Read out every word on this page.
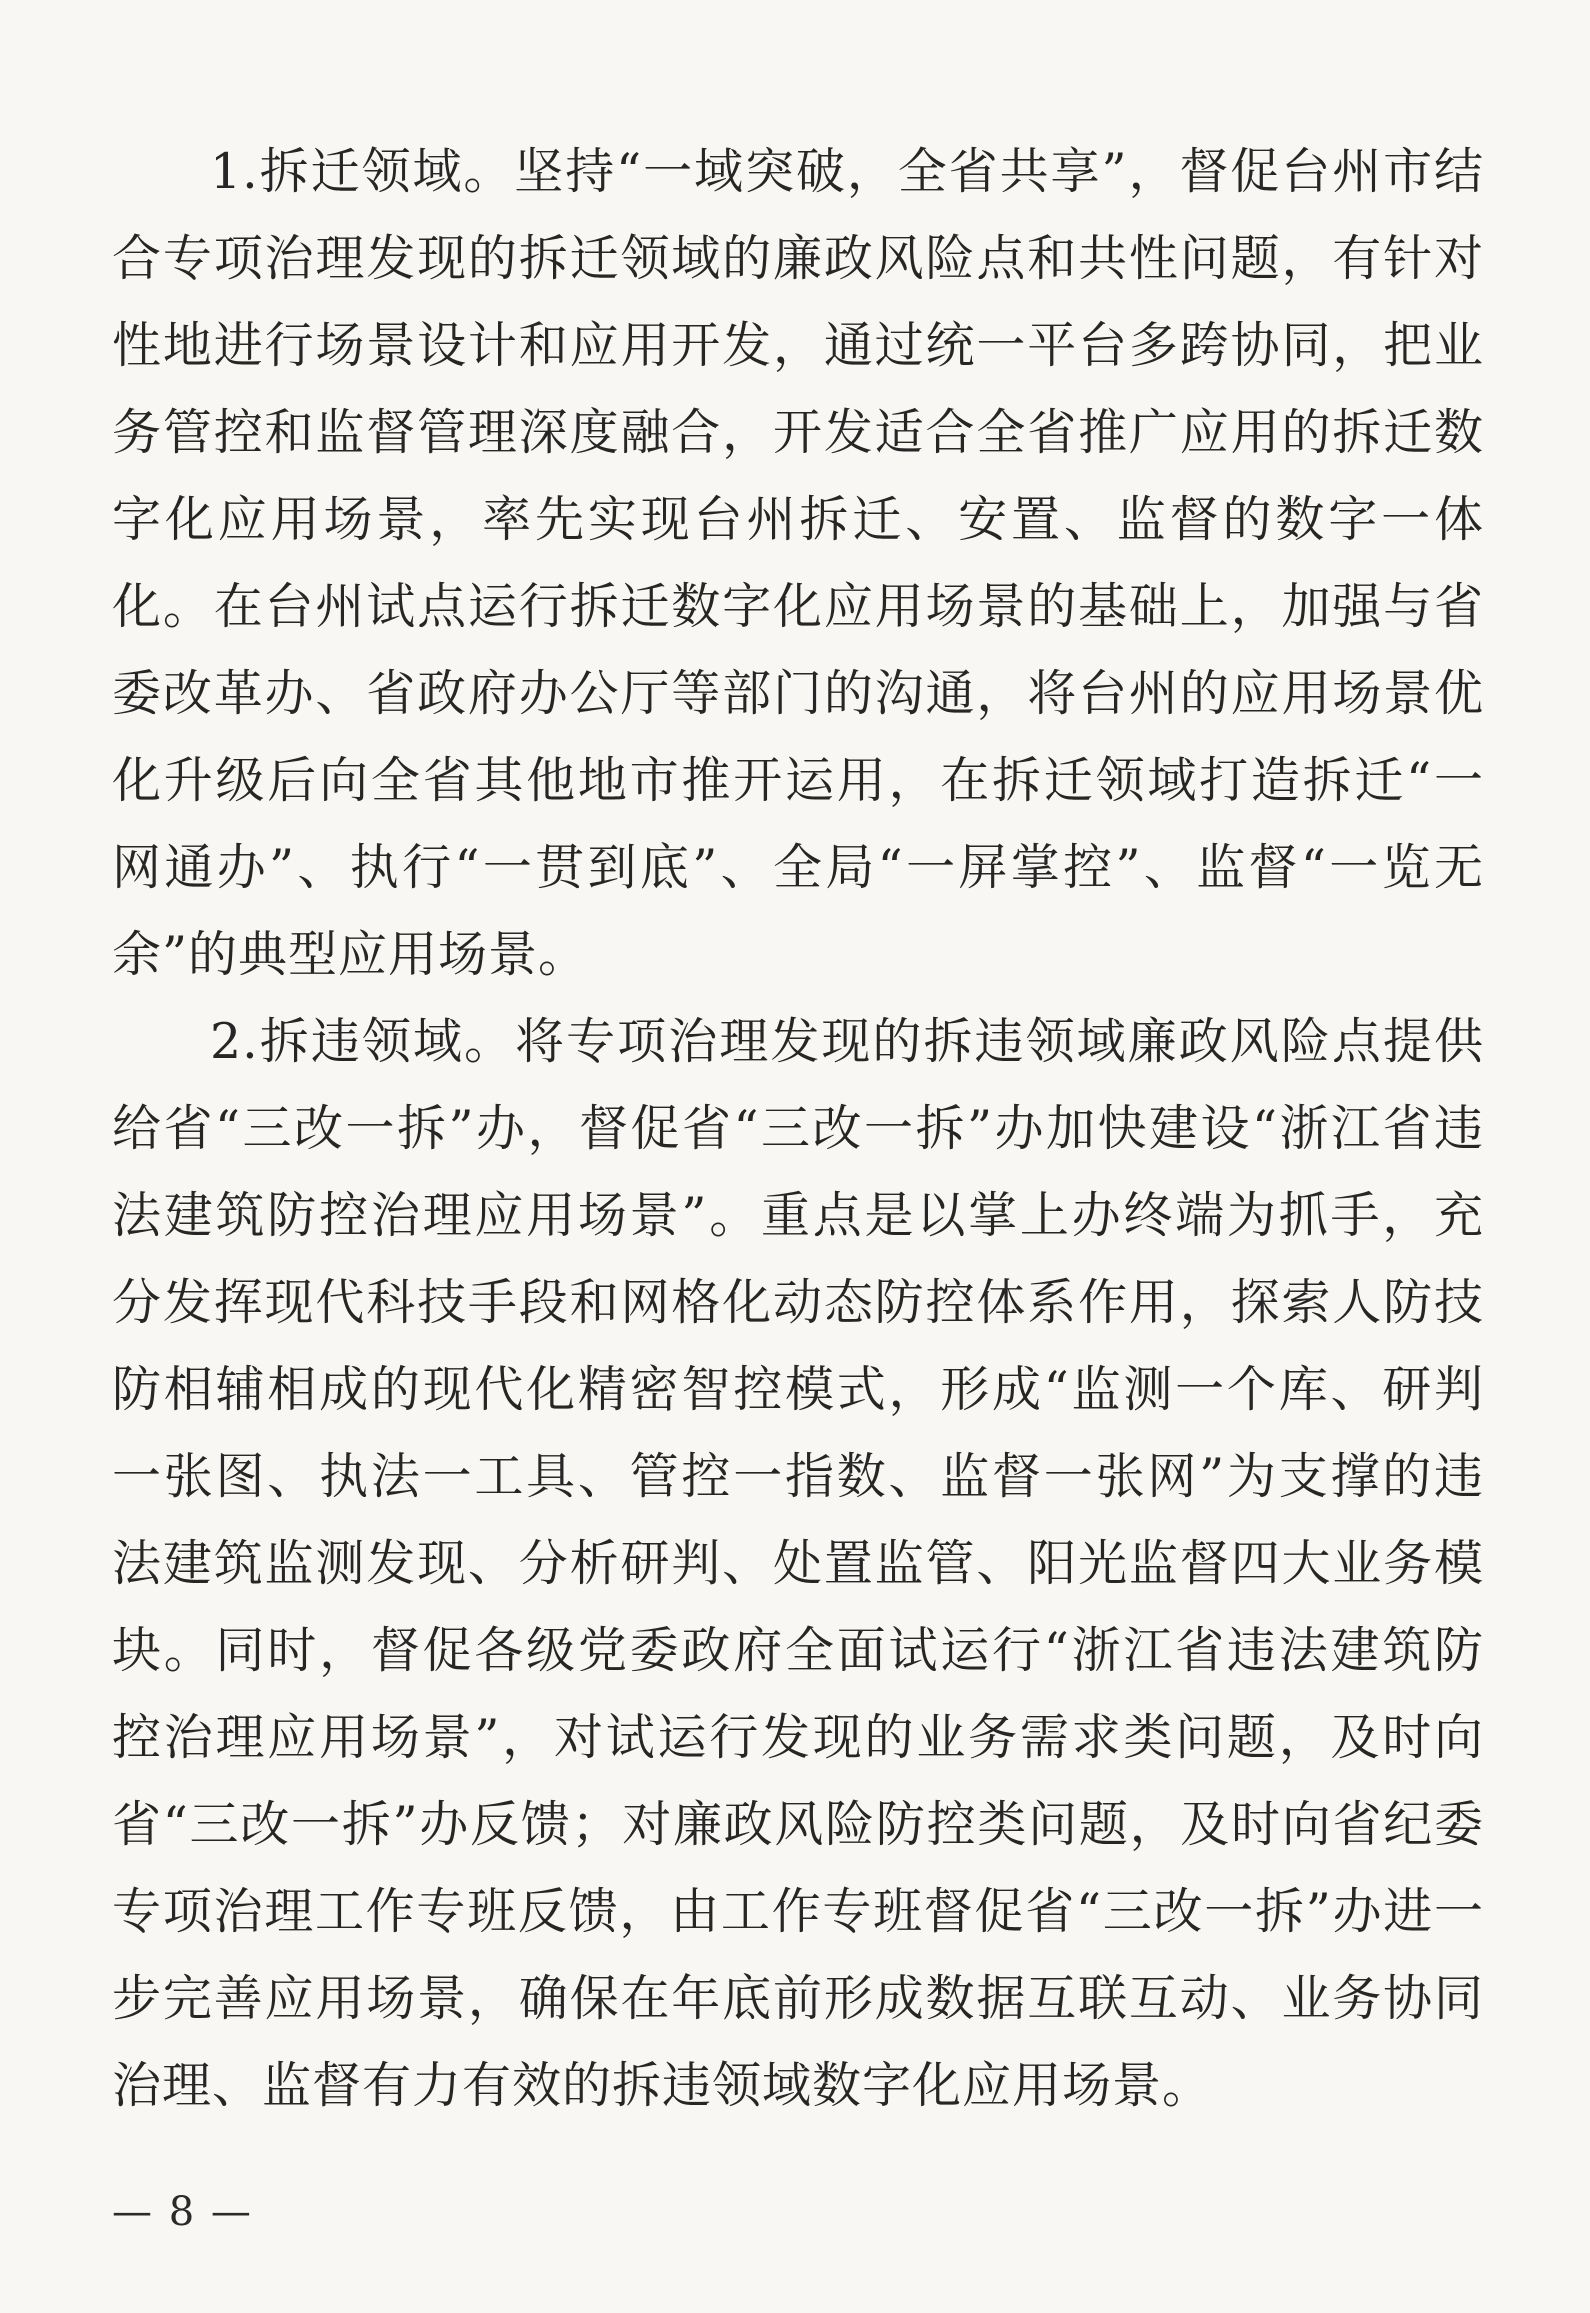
1.拆迁领域。坚持“一域突破，全省共享”，督促台州市结合专项治理发现的拆迁领域的廉政风险点和共性问题，有针对性地进行场景设计和应用开发，通过统一平台多跨协同，把业务管控和监督管理深度融合，开发适合全省推广应用的拆迁数字化应用场景，率先实现台州拆迁、安置、监督的数字一体化。在台州试点运行拆迁数字化应用场景的基础上，加强与省委改革办、省政府办公厅等部门的沟通，将台州的应用场景优化升级后向全省其他地市推开运用，在拆迁领域打造拆迁“一网通办”、执行“一贯到底”、全局“一屏掌控”、监督“一览无余”的典型应用场景。

2.拆违领域。将专项治理发现的拆违领域廉政风险点提供给省“三改一拆”办，督促省“三改一拆”办加快建设“浙江省违法建筑防控治理应用场景”。重点是以掌上办终端为抓手，充分发挥现代科技手段和网格化动态防控体系作用，探索人防技防相辅相成的现代化精密智控模式，形成“监测一个库、研判一张图、执法一工具、管控一指数、监督一张网”为支撑的违法建筑监测发现、分析研判、处置监管、阳光监督四大业务模块。同时，督促各级党委政府全面试运行“浙江省违法建筑防控治理应用场景”，对试运行发现的业务需求类问题，及时向省“三改一拆”办反馈；对廉政风险防控类问题，及时向省纪委专项治理工作专班反馈，由工作专班督促省“三改一拆”办进一步完善应用场景，确保在年底前形成数据互联互动、业务协同治理、监督有力有效的拆违领域数字化应用场景。

— 8 —
